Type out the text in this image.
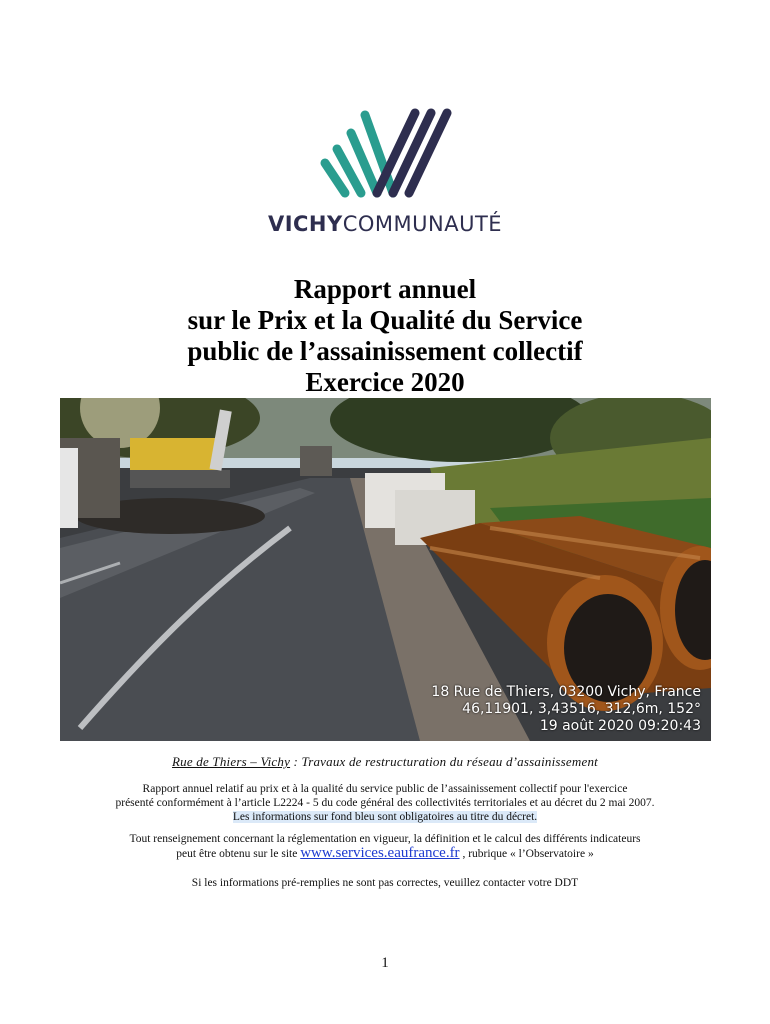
VICHYCOMMUNAUTÉ
Rapport annuel
sur le Prix et la Qualité du Service
public de l’assainissement collectif
Exercice 2020
18 Rue de Thiers, 03200 Vichy, France
46,11901, 3,43516, 312,6m, 152°
19 août 2020 09:20:43
Rue de Thiers – Vichy : Travaux de restructuration du réseau d’assainissement
Rapport annuel relatif au prix et à la qualité du service public de l’assainissement collectif pour l'exercice
présenté conformément à l’article L2224 - 5 du code général des collectivités territoriales et au décret du 2 mai 2007.
Les informations sur fond bleu sont obligatoires au titre du décret.
Tout renseignement concernant la réglementation en vigueur, la définition et le calcul des différents indicateurs
peut être obtenu sur le site www.services.eaufrance.fr , rubrique « l’Observatoire »
Si les informations pré-remplies ne sont pas correctes, veuillez contacter votre DDT
1
